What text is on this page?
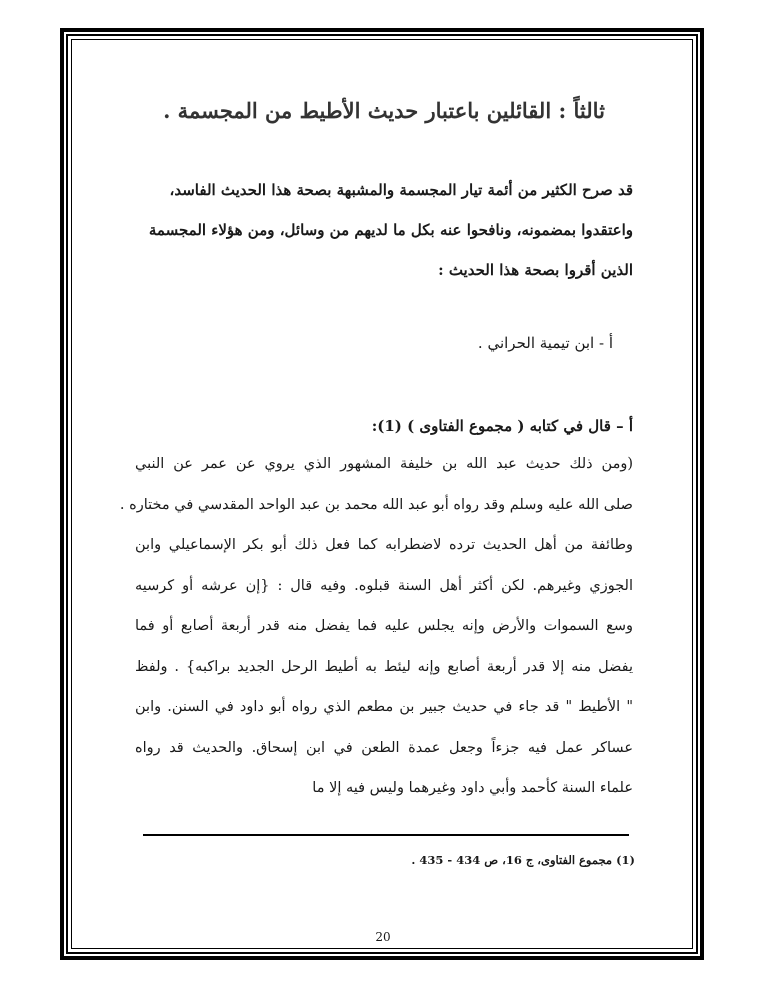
ثالثاً : القائلين باعتبار حديث الأطيط من المجسمة .
قد صرح الكثير من أئمة تيار المجسمة والمشبهة بصحة هذا الحديث الفاسد،
واعتقدوا بمضمونه، ونافحوا عنه بكل ما لديهم من وسائل، ومن هؤلاء المجسمة
الذين أقروا بصحة هذا الحديث :
أ - ابن تيمية الحراني .
أ – قال في كتابه ( مجموع الفتاوى ) (1):
(ومن ذلك حديث عبد الله بن خليفة المشهور الذي يروي عن عمر عن النبي
صلى الله عليه وسلم وقد رواه أبو عبد الله محمد بن عبد الواحد المقدسي في مختاره .
وطائفة من أهل الحديث ترده لاضطرابه كما فعل ذلك أبو بكر الإسماعيلي وابن
الجوزي وغيرهم. لكن أكثر أهل السنة قبلوه. وفيه قال : {إن عرشه أو كرسيه
وسع السموات والأرض وإنه يجلس عليه فما يفضل منه قدر أربعة أصابع أو فما
يفضل منه إلا قدر أربعة أصابع وإنه ليئط به أطيط الرحل الجديد براكبه} . ولفظ
" الأطيط " قد جاء في حديث جبير بن مطعم الذي رواه أبو داود في السنن. وابن
عساكر عمل فيه جزءاً وجعل عمدة الطعن في ابن إسحاق. والحديث قد رواه
علماء السنة كأحمد وأبي داود وغيرهما وليس فيه إلا ما
(1) مجموع الفتاوى، ج 16، ص 434 - 435 .
20
